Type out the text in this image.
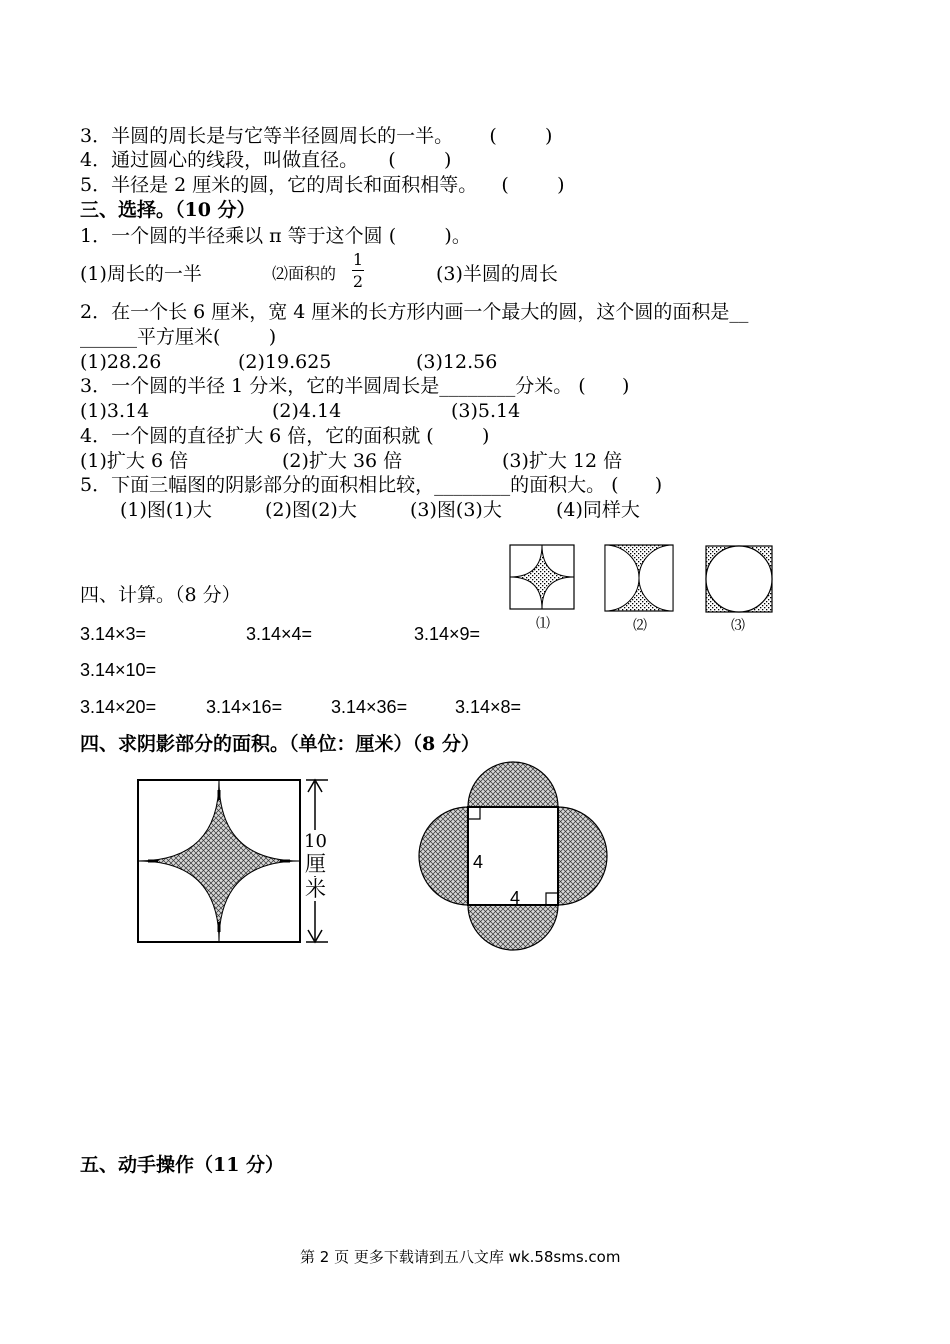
3．半圆的周长是与它等半径圆周长的一半。      (        )
4．通过圆心的线段，叫做直径。     (        )
5．半径是 2 厘米的圆，它的周长和面积相等。    (        )
三、选择。（10 分）
1．一个圆的半径乘以 π 等于这个圆 (        )。
(1)周长的一半	⑵面积的
1
2	(3)半圆的周长
2．在一个长 6 厘米，宽 4 厘米的长方形内画一个最大的圆，这个圆的面积是__
______平方厘米(        )
(1)28.26	(2)19.625	(3)12.56
3．一个圆的半径 1 分米，它的半圆周长是________分米。 (      )
(1)3.14	(2)4.14	(3)5.14
4．一个圆的直径扩大 6 倍，它的面积就 (        )
(1)扩大 6 倍	(2)扩大 36 倍	(3)扩大 12 倍
5．下面三幅图的阴影部分的面积相比较，________的面积大。 (      )
(1)图(1)大	(2)图(2)大	(3)图(3)大	(4)同样大
⑴	⑵	⑶
四、计算。（8 分）
3.14×3=	3.14×4=	3.14×9=
3.14×10=
3.14×20=	3.14×16=	3.14×36=	3.14×8=
四、求阴影部分的面积。（单位：厘米）（8 分）
10
厘
米
4
4
五、动手操作（11 分）
第 2 页 更多下载请到五八文库 wk.58sms.com
